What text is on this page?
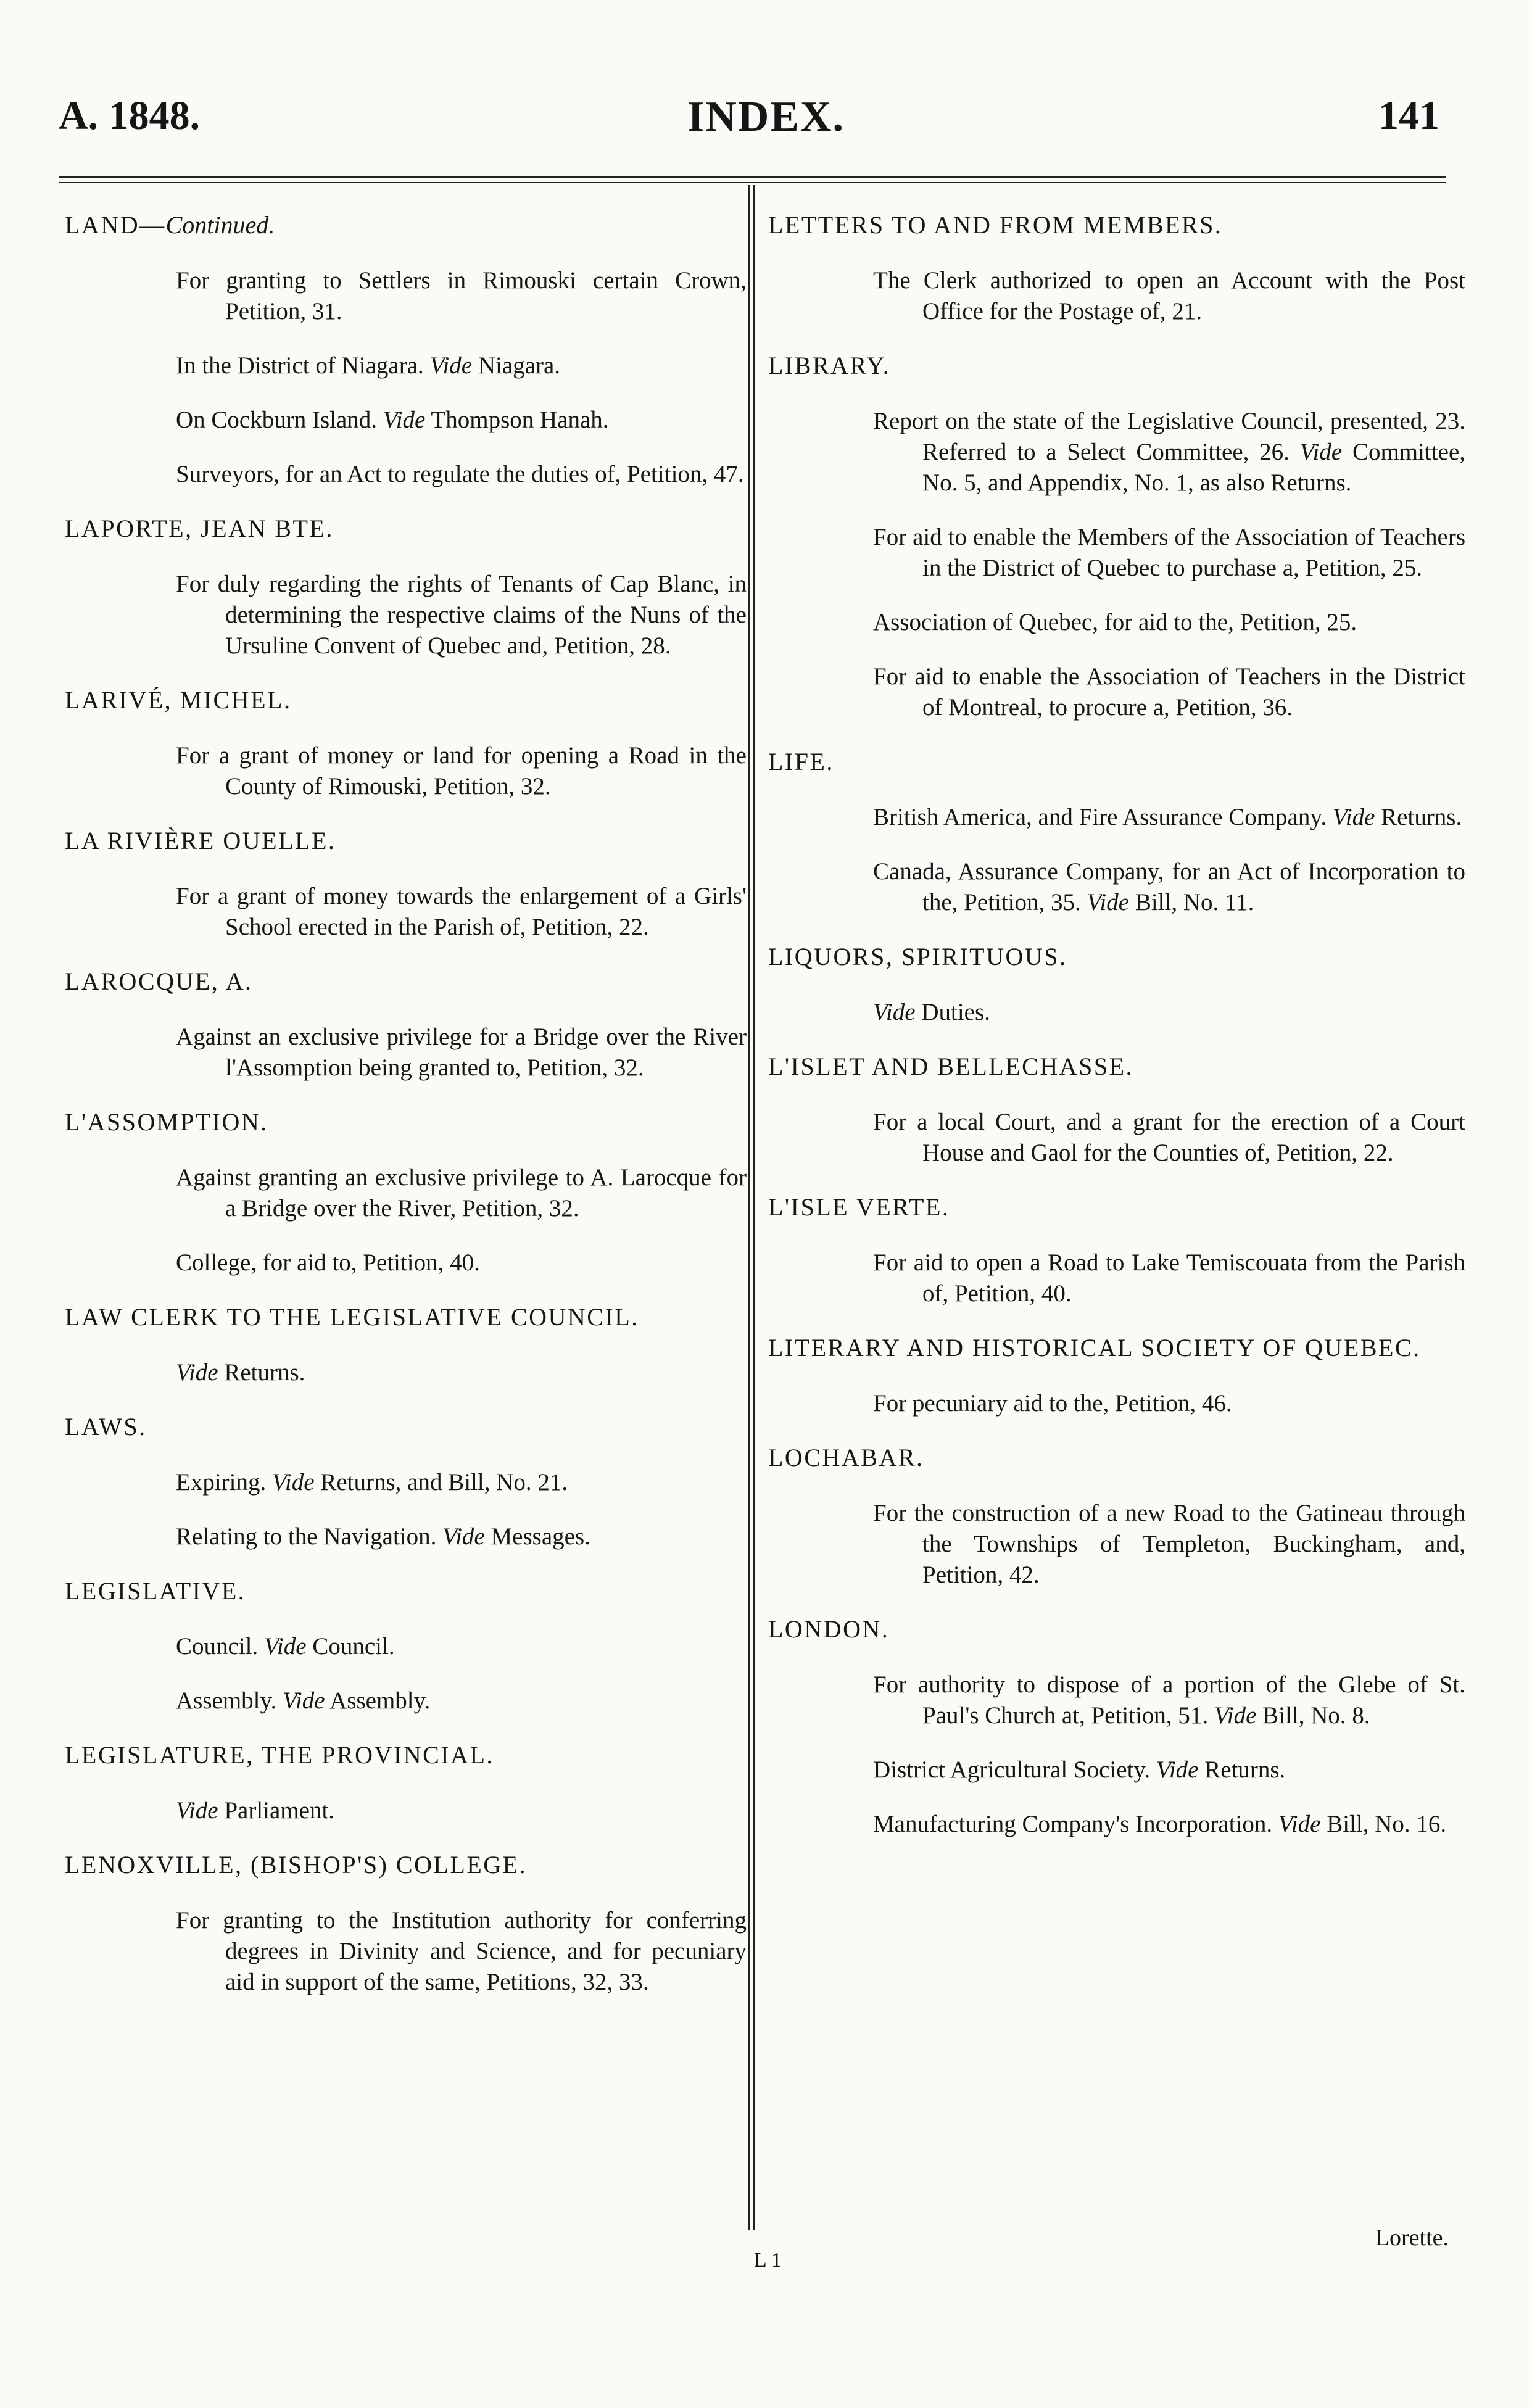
INDEX.
A. 1848.	141
LAND—Continued.
For granting to Settlers in Rimouski certain Crown, Petition, 31.
In the District of Niagara. Vide Niagara.
On Cockburn Island. Vide Thompson Hanah.
Surveyors, for an Act to regulate the duties of, Petition, 47.
LAPORTE, JEAN BTE.
For duly regarding the rights of Tenants of Cap Blanc, in determining the respective claims of the Nuns of the Ursuline Convent of Quebec and, Petition, 28.
LARIVÉ, MICHEL.
For a grant of money or land for opening a Road in the County of Rimouski, Petition, 32.
LA RIVIÈRE OUELLE.
For a grant of money towards the enlargement of a Girls' School erected in the Parish of, Petition, 22.
LAROCQUE, A.
Against an exclusive privilege for a Bridge over the River l'Assomption being granted to, Petition, 32.
L'ASSOMPTION.
Against granting an exclusive privilege to A. Larocque for a Bridge over the River, Petition, 32.
College, for aid to, Petition, 40.
LAW CLERK TO THE LEGISLATIVE COUNCIL.
Vide Returns.
LAWS.
Expiring. Vide Returns, and Bill, No. 21.
Relating to the Navigation. Vide Messages.
LEGISLATIVE.
Council. Vide Council.
Assembly. Vide Assembly.
LEGISLATURE, THE PROVINCIAL.
Vide Parliament.
LENOXVILLE, (BISHOP'S) COLLEGE.
For granting to the Institution authority for conferring degrees in Divinity and Science, and for pecuniary aid in support of the same, Petitions, 32, 33.
LETTERS TO AND FROM MEMBERS.
The Clerk authorized to open an Account with the Post Office for the Postage of, 21.
LIBRARY.
Report on the state of the Legislative Council, presented, 23. Referred to a Select Committee, 26. Vide Committee, No. 5, and Appendix, No. 1, as also Returns.
For aid to enable the Members of the Association of Teachers in the District of Quebec to purchase a, Petition, 25.
Association of Quebec, for aid to the, Petition, 25.
For aid to enable the Association of Teachers in the District of Montreal, to procure a, Petition, 36.
LIFE.
British America, and Fire Assurance Company. Vide Returns.
Canada, Assurance Company, for an Act of Incorporation to the, Petition, 35. Vide Bill, No. 11.
LIQUORS, SPIRITUOUS.
Vide Duties.
L'ISLET AND BELLECHASSE.
For a local Court, and a grant for the erection of a Court House and Gaol for the Counties of, Petition, 22.
L'ISLE VERTE.
For aid to open a Road to Lake Temiscouata from the Parish of, Petition, 40.
LITERARY AND HISTORICAL SOCIETY OF QUEBEC.
For pecuniary aid to the, Petition, 46.
LOCHABAR.
For the construction of a new Road to the Gatineau through the Townships of Templeton, Buckingham, and, Petition, 42.
LONDON.
For authority to dispose of a portion of the Glebe of St. Paul's Church at, Petition, 51. Vide Bill, No. 8.
District Agricultural Society. Vide Returns.
Manufacturing Company's Incorporation. Vide Bill, No. 16.
Lorette.
L 1
